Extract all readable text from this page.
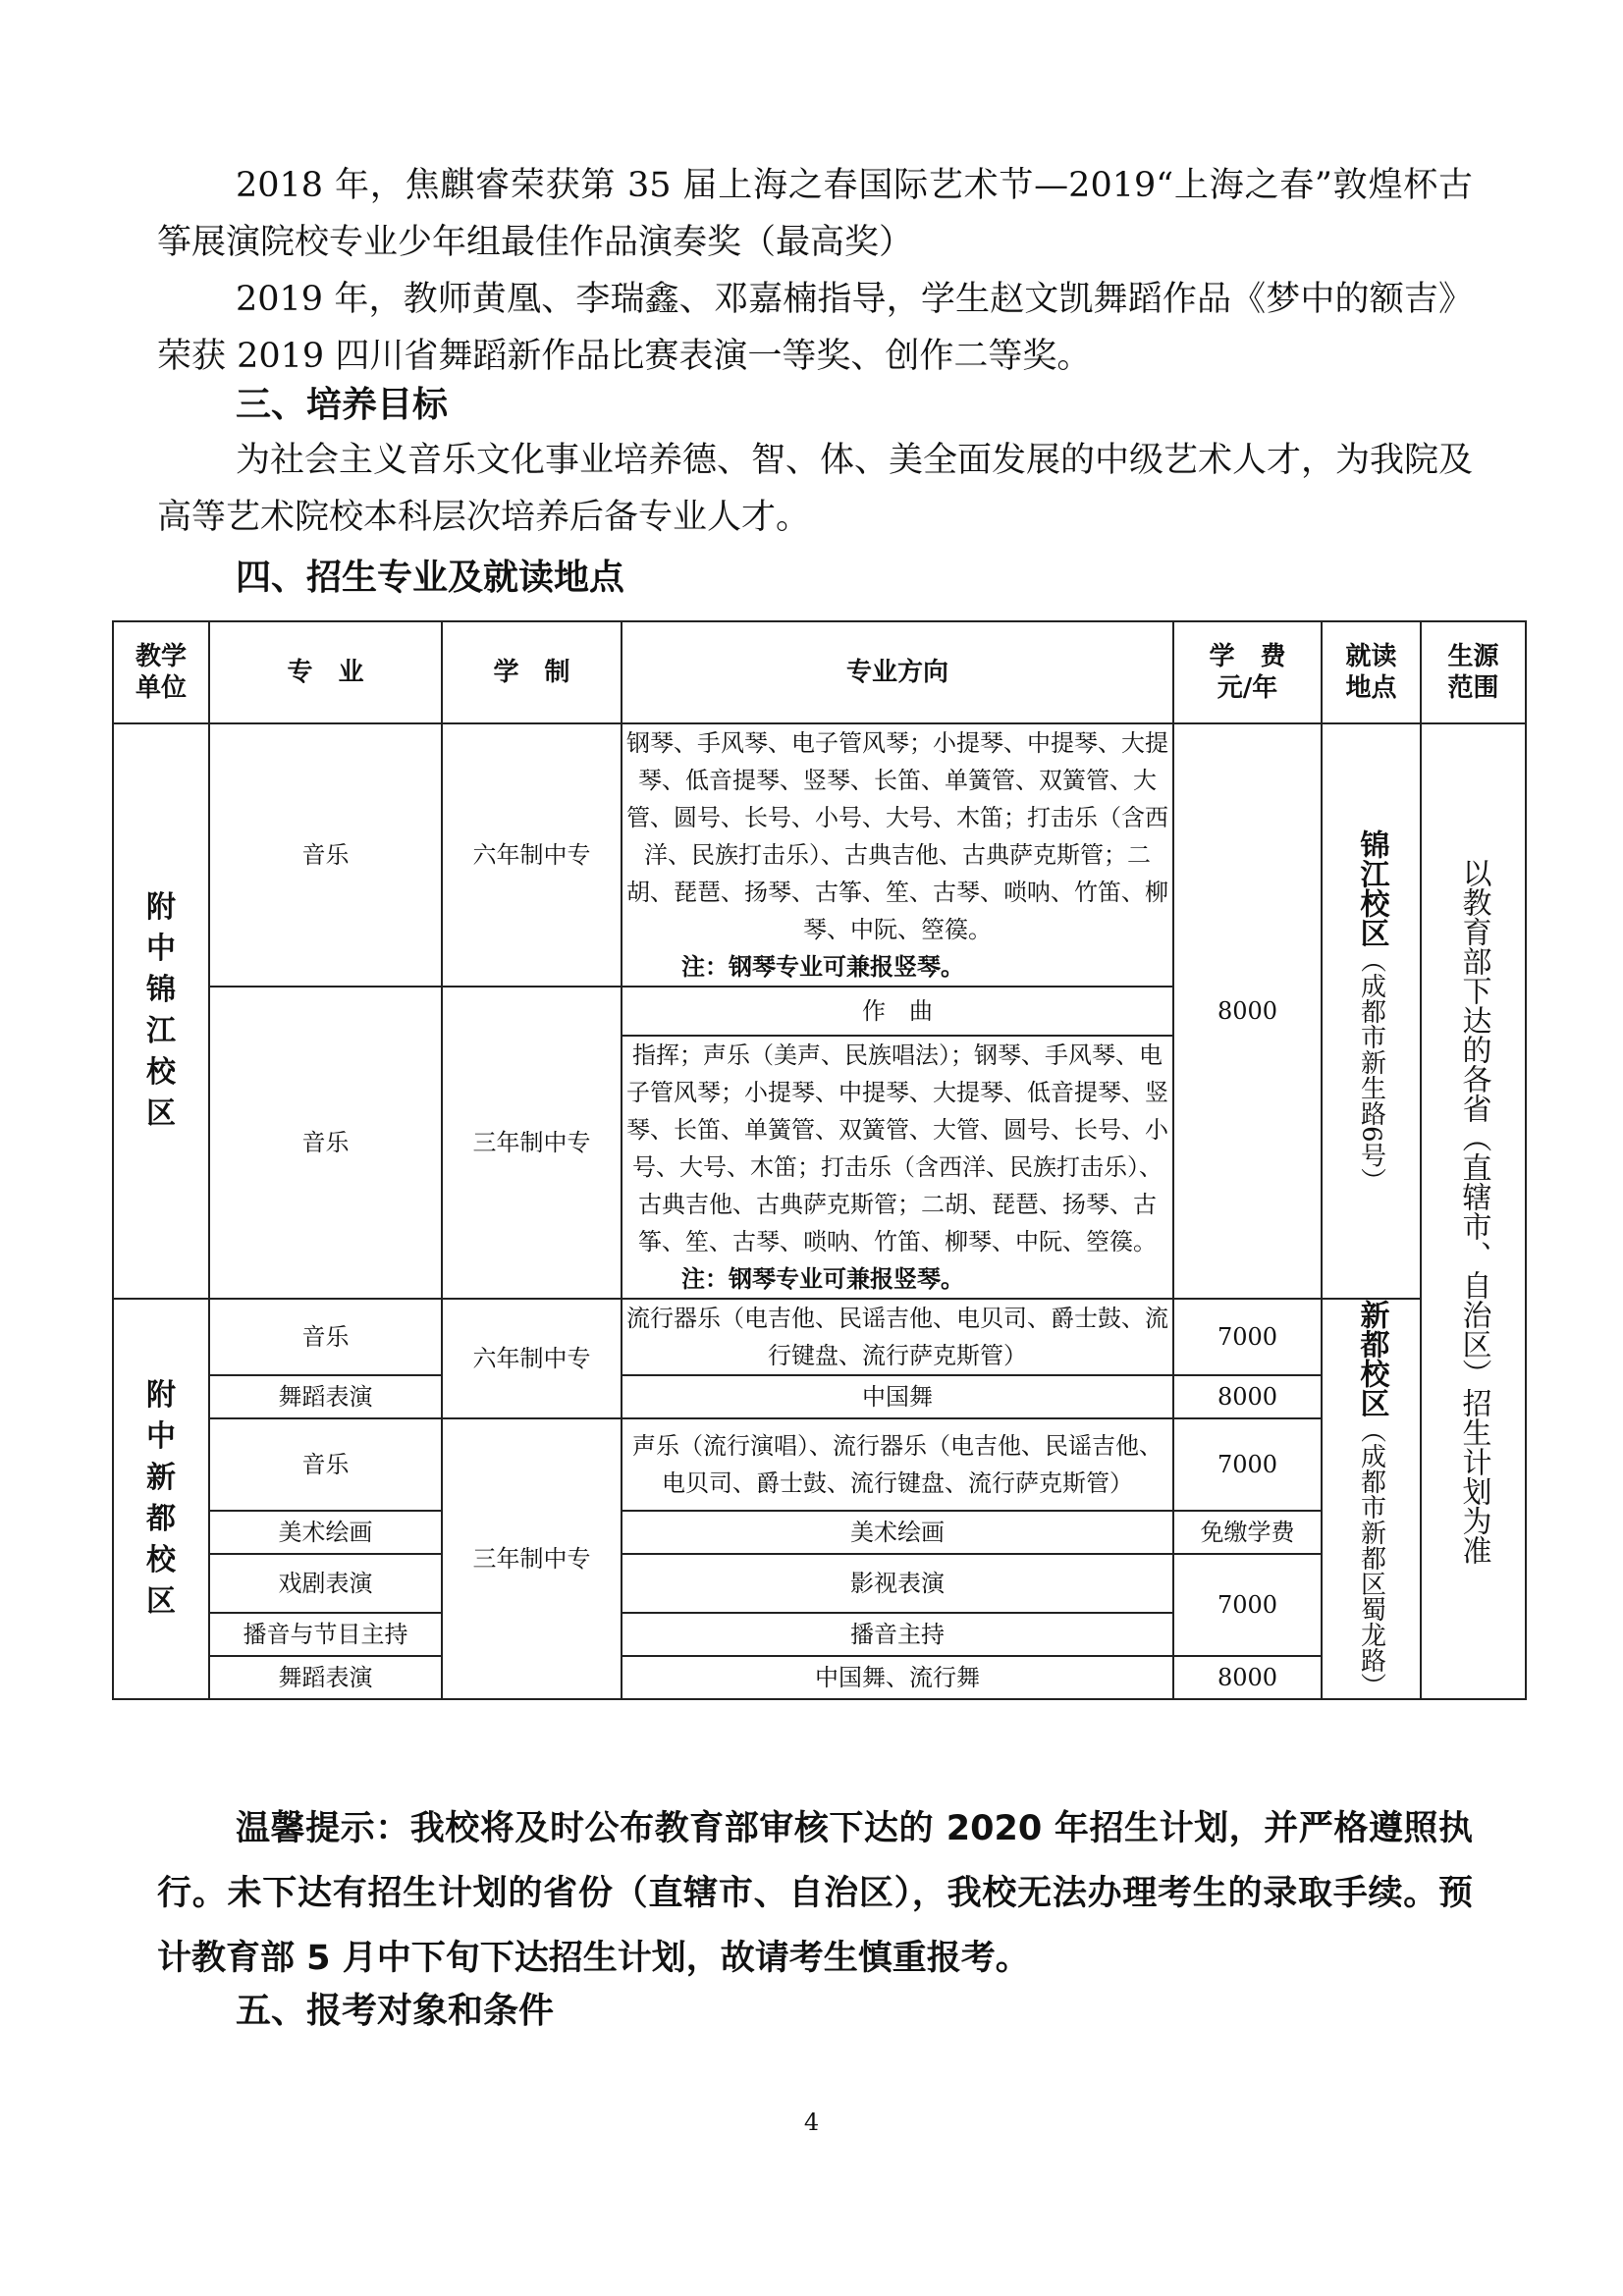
2018 年，焦麒睿荣获第 35 届上海之春国际艺术节—2019“上海之春”敦煌杯古筝展演院校专业少年组最佳作品演奏奖（最高奖）

2019 年，教师黄凰、李瑞鑫、邓嘉楠指导，学生赵文凯舞蹈作品《梦中的额吉》荣获 2019 四川省舞蹈新作品比赛表演一等奖、创作二等奖。

三、培养目标

为社会主义音乐文化事业培养德、智、体、美全面发展的中级艺术人才，为我院及高等艺术院校本科层次培养后备专业人才。

四、招生专业及就读地点

教学单位	专　业	学　制	专业方向	学　费元/年	就读地点	生源范围

附中锦江校区	音乐	六年制中专	钢琴、手风琴、电子管风琴；小提琴、中提琴、大提琴、低音提琴、竖琴、长笛、单簧管、双簧管、大管、圆号、长号、小号、大号、木笛；打击乐（含西洋、民族打击乐）、古典吉他、古典萨克斯管；二胡、琵琶、扬琴、古筝、笙、古琴、唢呐、竹笛、柳琴、中阮、箜篌。
注：钢琴专业可兼报竖琴。	8000	锦江校区（成都市新生路6号）	以教育部下达的各省（直辖市、自治区）招生计划为准

	音乐	三年制中专	作　曲			

			指挥；声乐（美声、民族唱法）；钢琴、手风琴、电子管风琴；小提琴、中提琴、大提琴、低音提琴、竖琴、长笛、单簧管、双簧管、大管、圆号、长号、小号、大号、木笛；打击乐（含西洋、民族打击乐）、古典吉他、古典萨克斯管；二胡、琵琶、扬琴、古筝、笙、古琴、唢呐、竹笛、柳琴、中阮、箜篌。
注：钢琴专业可兼报竖琴。			

附中新都校区	音乐	六年制中专	流行器乐（电吉他、民谣吉他、电贝司、爵士鼓、流行键盘、流行萨克斯管）	7000	新都校区（成都市新都区蜀龙路）	

	舞蹈表演		中国舞	8000		
	音乐	三年制中专	声乐（流行演唱）、流行器乐（电吉他、民谣吉他、电贝司、爵士鼓、流行键盘、流行萨克斯管）	7000		
	美术绘画		美术绘画	免缴学费		
	戏剧表演		影视表演	7000		
	播音与节目主持		播音主持			
	舞蹈表演		中国舞、流行舞	8000		

温馨提示：我校将及时公布教育部审核下达的 2020 年招生计划，并严格遵照执行。未下达有招生计划的省份（直辖市、自治区），我校无法办理考生的录取手续。预计教育部 5 月中下旬下达招生计划，故请考生慎重报考。

五、报考对象和条件

4
